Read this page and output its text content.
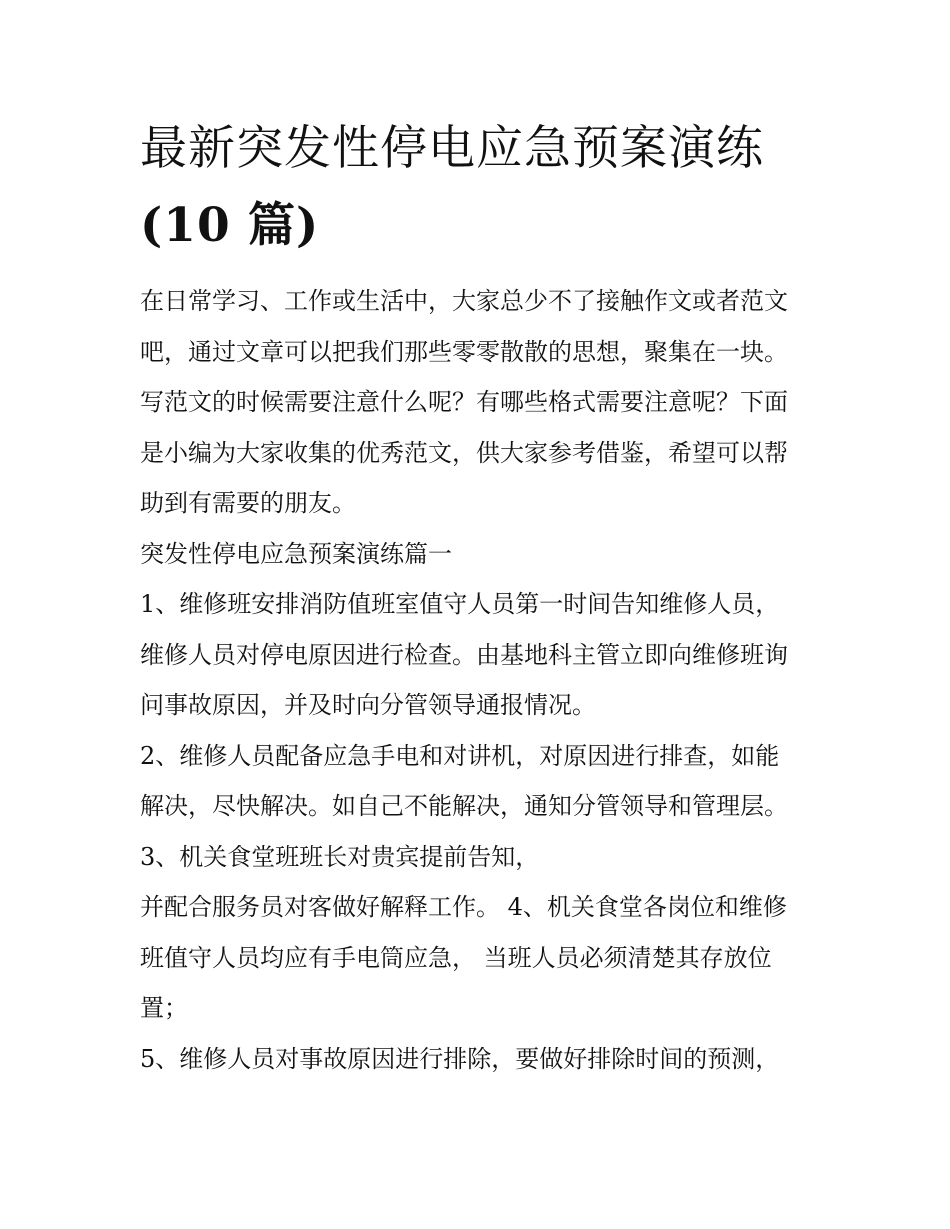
最新突发性停电应急预案演练
(10 篇)

在日常学习、工作或生活中，大家总少不了接触作文或者范文
吧，通过文章可以把我们那些零零散散的思想，聚集在一块。
写范文的时候需要注意什么呢？有哪些格式需要注意呢？下面
是小编为大家收集的优秀范文，供大家参考借鉴，希望可以帮
助到有需要的朋友。

突发性停电应急预案演练篇一

1、维修班安排消防值班室值守人员第一时间告知维修人员，
维修人员对停电原因进行检查。由基地科主管立即向维修班询
问事故原因，并及时向分管领导通报情况。

2、维修人员配备应急手电和对讲机，对原因进行排查，如能
解决，尽快解决。如自己不能解决，通知分管领导和管理层。

3、机关食堂班班长对贵宾提前告知，
并配合服务员对客做好解释工作。 4、机关食堂各岗位和维修
班值守人员均应有手电筒应急， 当班人员必须清楚其存放位
置；

5、维修人员对事故原因进行排除，要做好排除时间的预测，
